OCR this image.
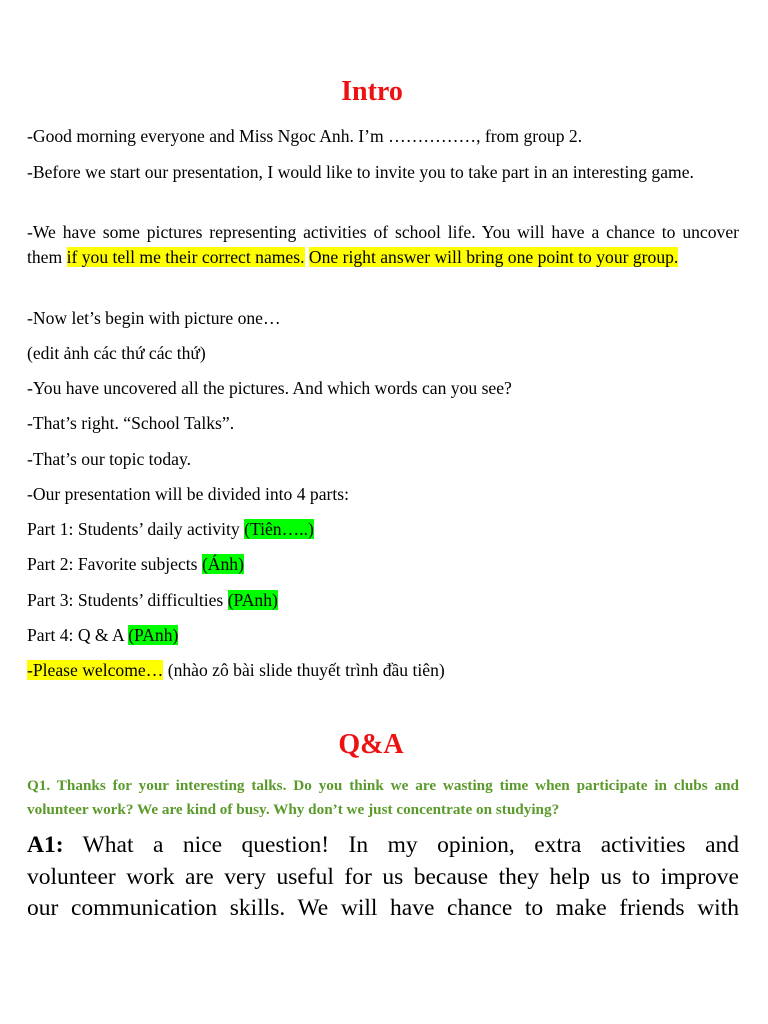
Intro

-Good morning everyone and Miss Ngoc Anh. I’m ……………, from group 2.

-Before we start our presentation, I would like to invite you to take part in an interesting game.

-We have some pictures representing activities of school life. You will have a chance to uncover them if you tell me their correct names. One right answer will bring one point to your group.

-Now let’s begin with picture one…

(edit ảnh các thứ các thứ)

-You have uncovered all the pictures. And which words can you see?

-That’s right. “School Talks”.

-That’s our topic today.

-Our presentation will be divided into 4 parts:

Part 1: Students’ daily activity (Tiên…..)

Part 2: Favorite subjects (Ánh)

Part 3: Students’ difficulties (PAnh)

Part 4: Q & A (PAnh)

-Please welcome… (nhào zô bài slide thuyết trình đầu tiên)

Q&A

Q1. Thanks for your interesting talks. Do you think we are wasting time when participate in clubs and volunteer work? We are kind of busy. Why don’t we just concentrate on studying?

A1: What a nice question! In my opinion, extra activities and
volunteer work are very useful for us because they help us to improve
our communication skills. We will have chance to make friends with
